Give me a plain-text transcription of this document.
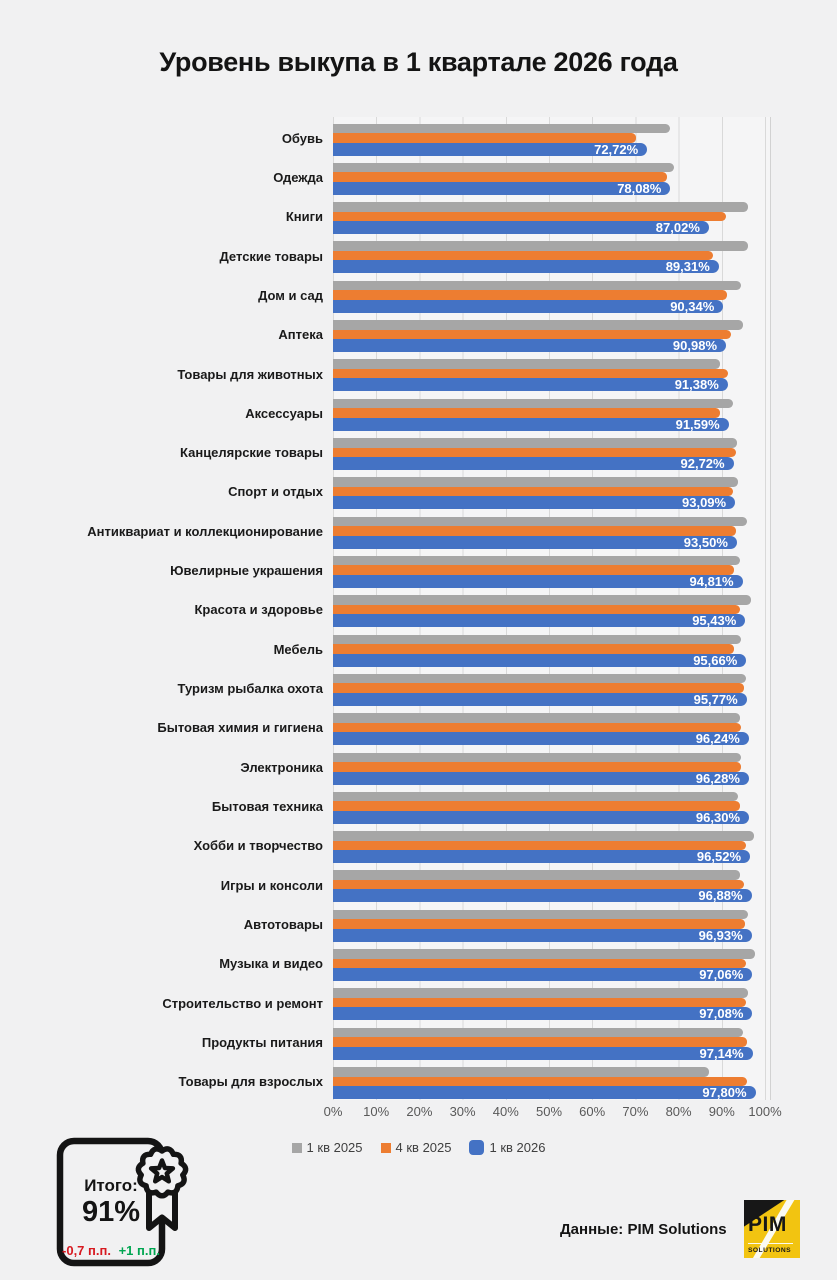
Уровень выкупа в 1 квартале 2026 года
Обувь
72,72%
Одежда
78,08%
Книги
87,02%
Детские товары
89,31%
Дом и сад
90,34%
Аптека
90,98%
Товары для животных
91,38%
Аксессуары
91,59%
Канцелярские товары
92,72%
Спорт и отдых
93,09%
Антиквариат и коллекционирование
93,50%
Ювелирные украшения
94,81%
Красота и здоровье
95,43%
Мебель
95,66%
Туризм рыбалка охота
95,77%
Бытовая химия и гигиена
96,24%
Электроника
96,28%
Бытовая техника
96,30%
Хобби и творчество
96,52%
Игры и консоли
96,88%
Автотовары
96,93%
Музыка и видео
97,06%
Строительство и ремонт
97,08%
Продукты питания
97,14%
Товары для взрослых
97,80%
0%	10%	20%	30%	40%	50%	60%	70%	80%	90%	100%
1 кв 2025	4 кв 2025	1 кв 2026
Итого:
91%
-0,7 п.п. +1 п.п.
Данные: PIM Solutions PIM
SOLUTIONS
